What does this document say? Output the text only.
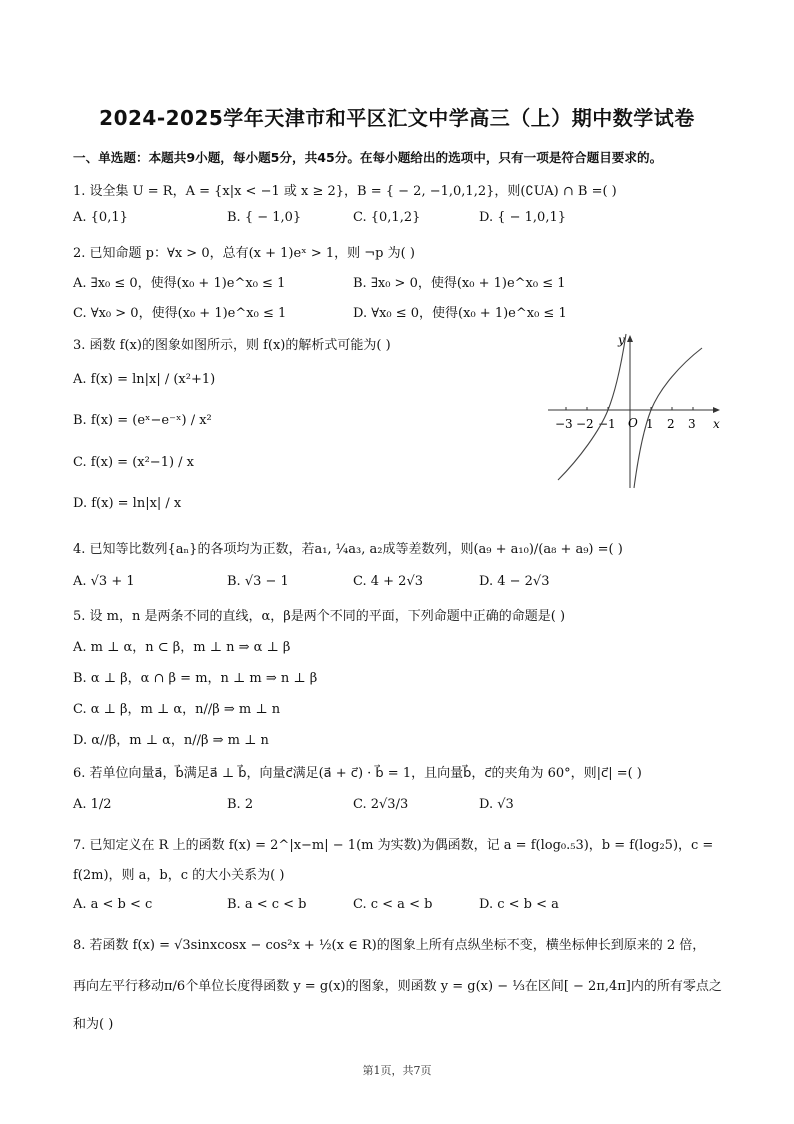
2024-2025学年天津市和平区汇文中学高三（上）期中数学试卷
一、单选题：本题共9小题，每小题5分，共45分。在每小题给出的选项中，只有一项是符合题目要求的。
1. 设全集 U = R，A = {x|x < −1 或 x ≥ 2}，B = { − 2, −1,0,1,2}，则(∁UA) ∩ B =( )
A. {0,1}	B. { − 1,0}	C. {0,1,2}	D. { − 1,0,1}
2. 已知命题 p：∀x > 0，总有(x + 1)eˣ > 1，则 ¬p 为( )
A. ∃x₀ ≤ 0，使得(x₀ + 1)e^x₀ ≤ 1	B. ∃x₀ > 0，使得(x₀ + 1)e^x₀ ≤ 1
C. ∀x₀ > 0，使得(x₀ + 1)e^x₀ ≤ 1	D. ∀x₀ ≤ 0，使得(x₀ + 1)e^x₀ ≤ 1
3. 函数 f(x)的图象如图所示，则 f(x)的解析式可能为( )
A. f(x) = ln|x| / (x²+1)
B. f(x) = (eˣ−e⁻ˣ) / x²
C. f(x) = (x²−1) / x
D. f(x) = ln|x| / x
−3 −2 −1 O 1 2 3 x
y
4. 已知等比数列{aₙ}的各项均为正数，若a₁, ¼a₃, a₂成等差数列，则(a₉ + a₁₀)/(a₈ + a₉) =( )
A. √3 + 1	B. √3 − 1	C. 4 + 2√3	D. 4 − 2√3
5. 设 m，n 是两条不同的直线，α，β是两个不同的平面，下列命题中正确的命题是( )
A. m ⊥ α，n ⊂ β，m ⊥ n ⇒ α ⊥ β
B. α ⊥ β，α ∩ β = m，n ⊥ m ⇒ n ⊥ β
C. α ⊥ β，m ⊥ α，n//β ⇒ m ⊥ n
D. α//β，m ⊥ α，n//β ⇒ m ⊥ n
6. 若单位向量a⃗，b⃗满足a⃗ ⊥ b⃗，向量c⃗满足(a⃗ + c⃗) · b⃗ = 1，且向量b⃗，c⃗的夹角为 60°，则|c⃗| =( )
A. 1/2	B. 2	C. 2√3/3	D. √3
7. 已知定义在 R 上的函数 f(x) = 2^|x−m| − 1(m 为实数)为偶函数，记 a = f(log₀.₅3)，b = f(log₂5)，c =
f(2m)，则 a，b，c 的大小关系为( )
A. a < b < c	B. a < c < b	C. c < a < b	D. c < b < a
8. 若函数 f(x) = √3sinxcosx − cos²x + ½(x ∈ R)的图象上所有点纵坐标不变，横坐标伸长到原来的 2 倍，
再向左平行移动π/6个单位长度得函数 y = g(x)的图象，则函数 y = g(x) − ⅓在区间[ − 2π,4π]内的所有零点之
和为( )
第1页，共7页
